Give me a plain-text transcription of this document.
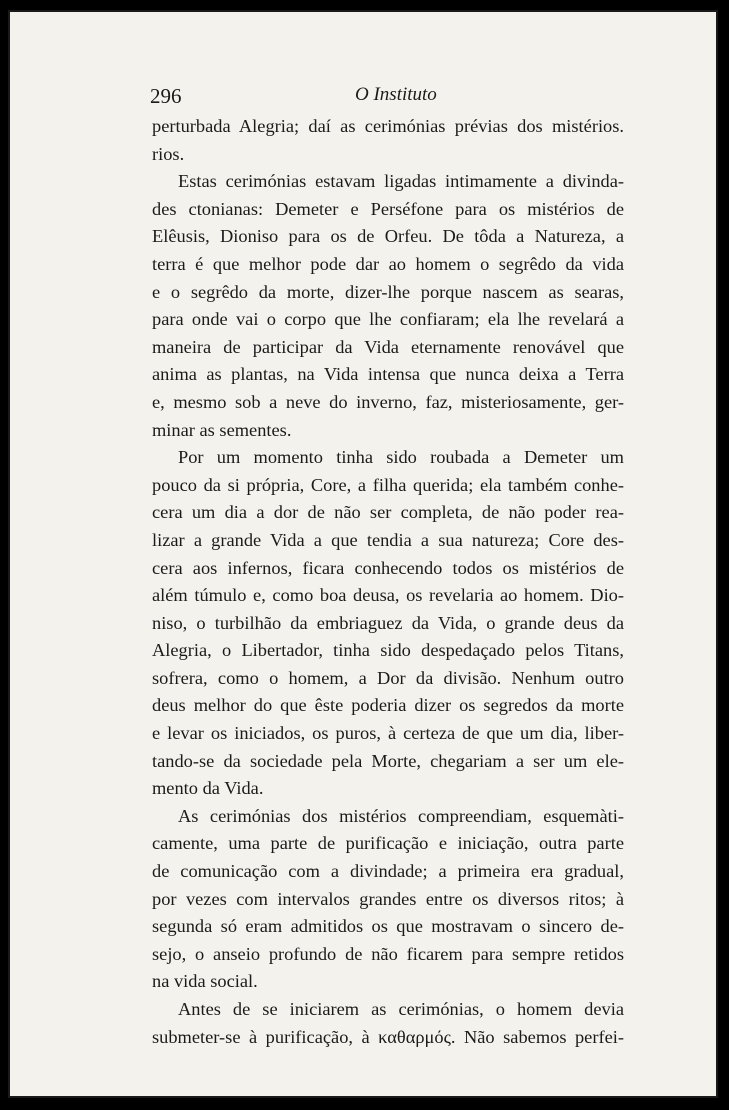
296	O Instituto
perturbada Alegria; daí as cerimónias prévias dos mistérios.
rios.
Estas cerimónias estavam ligadas intimamente a divinda-
des ctonianas: Demeter e Perséfone para os mistérios de
Elêusis, Dioniso para os de Orfeu. De tôda a Natureza, a
terra é que melhor pode dar ao homem o segrêdo da vida
e o segrêdo da morte, dizer-lhe porque nascem as searas,
para onde vai o corpo que lhe confiaram; ela lhe revelará a
maneira de participar da Vida eternamente renovável que
anima as plantas, na Vida intensa que nunca deixa a Terra
e, mesmo sob a neve do inverno, faz, misteriosamente, ger-
minar as sementes.
Por um momento tinha sido roubada a Demeter um
pouco da si própria, Core, a filha querida; ela também conhe-
cera um dia a dor de não ser completa, de não poder rea-
lizar a grande Vida a que tendia a sua natureza; Core des-
cera aos infernos, ficara conhecendo todos os mistérios de
além túmulo e, como boa deusa, os revelaria ao homem. Dio-
niso, o turbilhão da embriaguez da Vida, o grande deus da
Alegria, o Libertador, tinha sido despedaçado pelos Titans,
sofrera, como o homem, a Dor da divisão. Nenhum outro
deus melhor do que êste poderia dizer os segredos da morte
e levar os iniciados, os puros, à certeza de que um dia, liber-
tando-se da sociedade pela Morte, chegariam a ser um ele-
mento da Vida.
As cerimónias dos mistérios compreendiam, esquemàti-
camente, uma parte de purificação e iniciação, outra parte
de comunicação com a divindade; a primeira era gradual,
por vezes com intervalos grandes entre os diversos ritos; à
segunda só eram admitidos os que mostravam o sincero de-
sejo, o anseio profundo de não ficarem para sempre retidos
na vida social.
Antes de se iniciarem as cerimónias, o homem devia
submeter-se à purificação, à καθαρμός. Não sabemos perfei-
